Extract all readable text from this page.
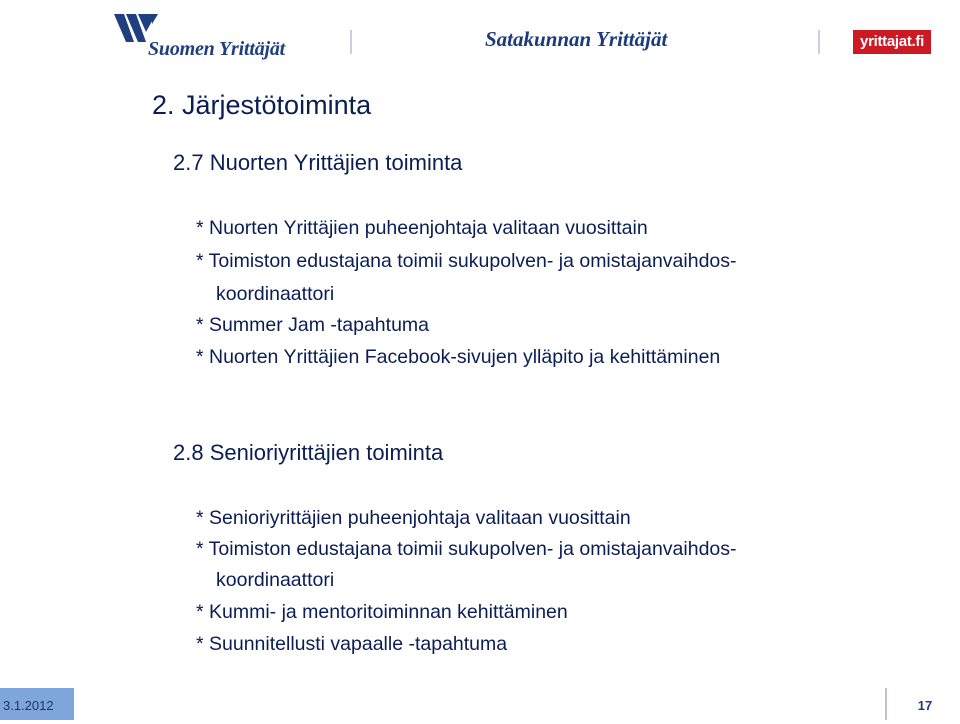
Suomen Yrittäjät	Satakunnan Yrittäjät	yrittajat.fi
2. Järjestötoiminta
2.7 Nuorten Yrittäjien toiminta
* Nuorten Yrittäjien puheenjohtaja valitaan vuosittain
* Toimiston edustajana toimii sukupolven- ja omistajanvaihdos-
koordinaattori
* Summer Jam -tapahtuma
* Nuorten Yrittäjien Facebook-sivujen ylläpito ja kehittäminen
2.8 Senioriyrittäjien toiminta
* Senioriyrittäjien puheenjohtaja valitaan vuosittain
* Toimiston edustajana toimii sukupolven- ja omistajanvaihdos-
koordinaattori
* Kummi- ja mentoritoiminnan kehittäminen
* Suunnitellusti vapaalle -tapahtuma
3.1.2012	17
